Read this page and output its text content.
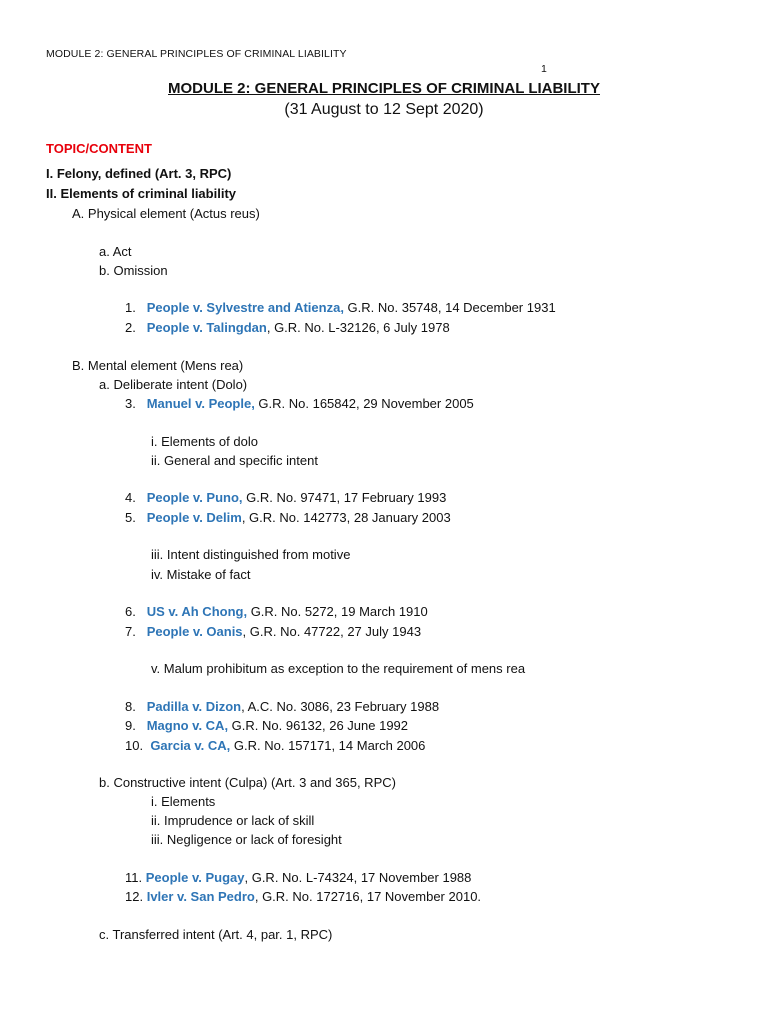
MODULE 2: GENERAL PRINCIPLES OF CRIMINAL LIABILITY
1
MODULE 2: GENERAL PRINCIPLES OF CRIMINAL LIABILITY
(31 August to 12 Sept 2020)
TOPIC/CONTENT
I. Felony, defined (Art. 3, RPC)
II. Elements of criminal liability
A. Physical element (Actus reus)
a. Act
b. Omission
1. People v. Sylvestre and Atienza, G.R. No. 35748, 14 December 1931
2. People v. Talingdan, G.R. No. L-32126, 6 July 1978
B. Mental element (Mens rea)
a. Deliberate intent (Dolo)
3. Manuel v. People, G.R. No. 165842, 29 November 2005
i. Elements of dolo
ii. General and specific intent
4. People v. Puno, G.R. No. 97471, 17 February 1993
5. People v. Delim, G.R. No. 142773, 28 January 2003
iii. Intent distinguished from motive
iv. Mistake of fact
6. US v. Ah Chong, G.R. No. 5272, 19 March 1910
7. People v. Oanis, G.R. No. 47722, 27 July 1943
v. Malum prohibitum as exception to the requirement of mens rea
8. Padilla v. Dizon, A.C. No. 3086, 23 February 1988
9. Magno v. CA, G.R. No. 96132, 26 June 1992
10. Garcia v. CA, G.R. No. 157171, 14 March 2006
b. Constructive intent (Culpa) (Art. 3 and 365, RPC)
i. Elements
ii. Imprudence or lack of skill
iii. Negligence or lack of foresight
11. People v. Pugay, G.R. No. L-74324, 17 November 1988
12. Ivler v. San Pedro, G.R. No. 172716, 17 November 2010.
c. Transferred intent (Art. 4, par. 1, RPC)
